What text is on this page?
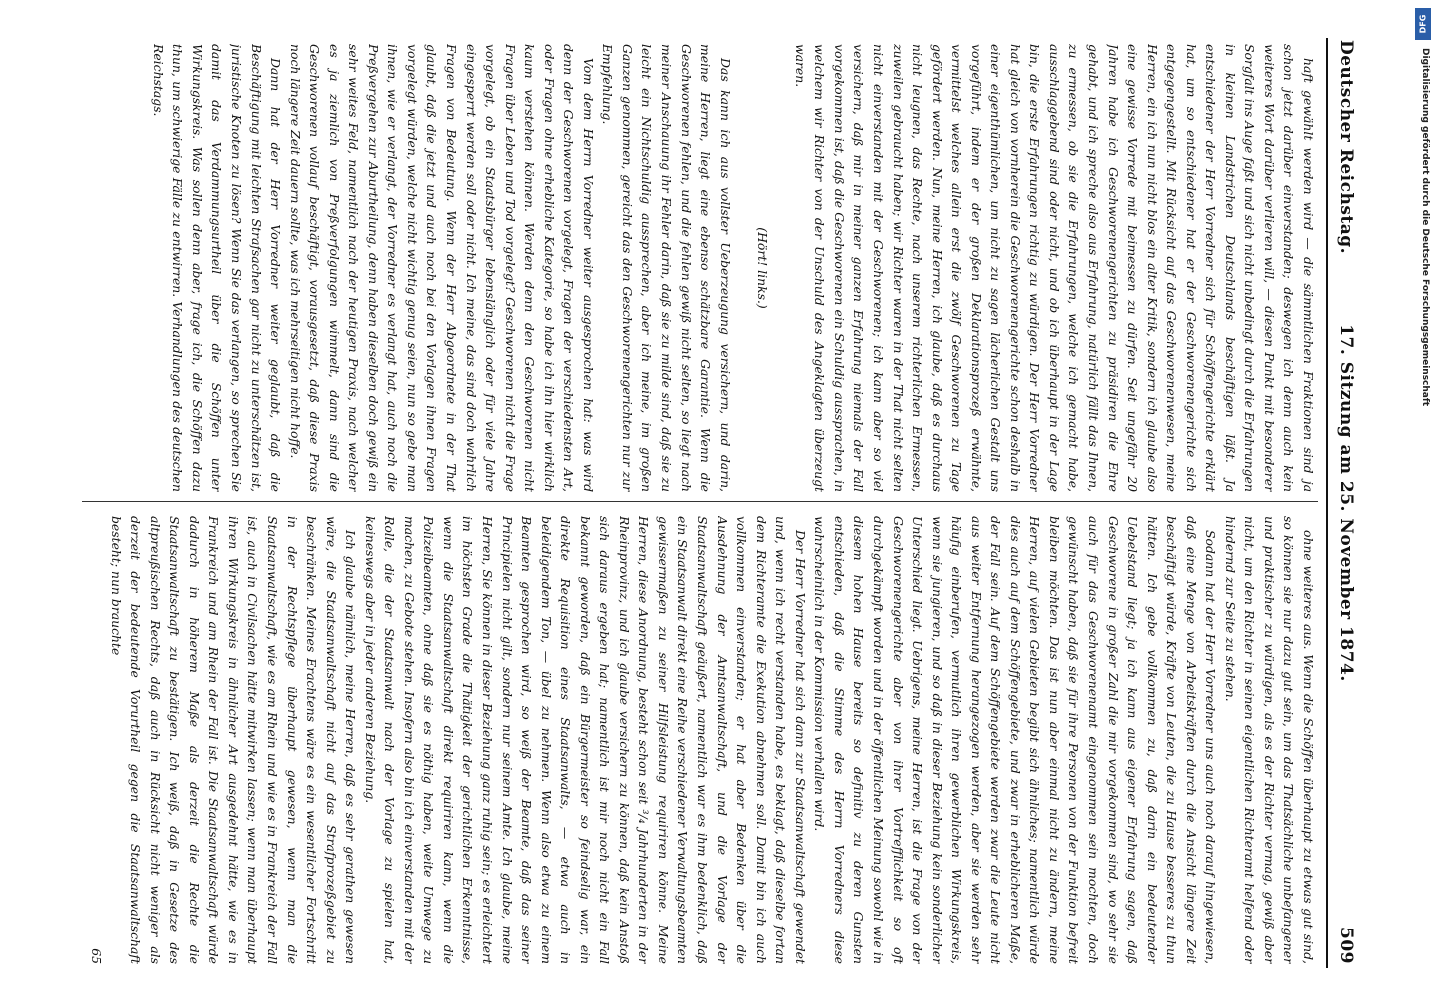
Deutscher Reichstag.
17. Sitzung am 25. November 1874.
509

haft gewählt werden wird — die sämmtlichen Fraktionen sind ja schon jetzt darüber einverstanden; deswegen ich denn auch kein weiteres Wort darüber verlieren will, — diesen Punkt mit besonderer Sorgfalt ins Auge faßt und sich nicht unbedingt durch die Erfahrungen in kleinen Landstrichen Deutschlands beschäftigen läßt. Ja entschiedener der Herr Vorredner sich für Schöffengerichte erklärt hat, um so entschiedener hat er der Geschworenengerichte sich entgegengestellt. Mit Rücksicht auf das Geschworenenwesen, meine Herren, ein ich nun nicht blos ein alter Kritik, sondern ich glaube also eine gewisse Vorrede mit beimessen zu dürfen. Seit ungefähr 20 Jahren habe ich Geschworenengerichten zu präsidiren die Ehre gehabt, und ich spreche also aus Erfahrung, natürlich fällt das Ihnen, zu ermessen, ob sie die Erfahrungen, welche ich gemacht habe, ausschlaggebend sind oder nicht, und ob ich überhaupt in der Lage bin, die erste Erfahrungen richtig zu würdigen. Der Herr Vorredner hat gleich von vornherein die Geschworenengerichte schon deshalb in einer eigenthümlichen, um nicht zu sagen lächerlichen Gestalt uns vorgeführt, indem er der großen Deklarationsprozeß erwähnte, vermittelst welches allein erst die zwölf Geschworenen zu Tage gefördert werden. Nun, meine Herren, ich glaube, daß es durchaus nicht leugnen, das Rechte, nach unserem richterlichen Ermessen, zuweilen gebraucht haben; wir Richter waren in der That nicht selten nicht einverstanden mit der Geschworenen; ich kann aber so viel versichern, daß mir in meiner ganzen Erfahrung niemals der Fall vorgekommen ist, daß die Geschworenen ein Schuldig aussprachen, in welchem wir Richter von der Unschuld des Angeklagten überzeugt waren.

(Hört! links.)

Das kann ich aus vollster Ueberzeugung versichern, und darin, meine Herren, liegt eine ebenso schätzbare Garantie. Wenn die Geschworenen fehlen, und die fehlen gewiß nicht selten, so liegt nach meiner Anschauung ihr Fehler darin, daß sie zu milde sind, daß sie zu leicht ein Nichtschuldig aussprechen, aber ich meine, im großen Ganzen genommen, gereicht das den Geschworenengerichten nur zur Empfehlung.

Vom dem Herrn Vorredner weiter ausgesprochen hat: was wird denn der Geschworenen vorgelegt, Fragen der verschiedensten Art, oder Fragen ohne erhebliche Kategorie, so habe ich ihn hier wirklich kaum verstehen können. Werden denn den Geschworenen nicht Fragen über Leben und Tod vorgelegt? Geschworenen nicht die Frage vorgelegt, ob ein Staatsbürger lebenslänglich oder für viele Jahre eingesperrt werden soll oder nicht. Ich meine, das sind doch wahrlich Fragen von Bedeutung. Wenn der Herr Abgeordnete in der That glaubt, daß die jetzt und auch noch bei den Vorlagen ihnen Fragen vorgelegt würden, welche nicht wichtig genug seien, nun so gebe man ihnen, wie er verlangt, der Vorredner es verlangt hat, auch noch die Preßvergehen zur Aburtheilung, denn haben dieselben doch gewiß ein sehr weites Feld, namentlich nach der heutigen Praxis, nach welcher es ja ziemlich von Preßverfolgungen wimmelt, dann sind die Geschworenen vollauf beschäftigt, vorausgesetzt, daß diese Praxis noch längere Zeit dauern sollte, was ich mehrseitigen nicht hoffe.

Dann hat der Herr Vorredner weiter geglaubt, daß die Beschäftigung mit leichten Strafsachen gar nicht zu unterschätzen ist, juristische Knoten zu lösen? Wenn Sie das verlangen, so sprechen Sie damit das Verdammungsurtheil über die Schöffen unter Wirkungskreis. Was sollen denn aber, frage ich, die Schöffen dazu thun, um schwierige Fälle zu entwirren. Verhandlungen des deutschen Reichstags.

ohne weiteres aus. Wenn die Schöffen überhaupt zu etwas gut sind, so können sie nur dazu gut sein, um das Thatsächliche unbefangener und praktischer zu würdigen, als es der Richter vermag, gewiß aber nicht, um den Richter in seinen eigentlichen Richteramt helfend oder hindernd zur Seite zu stehen.

Sodann hat der Herr Vorredner uns auch noch darauf hingewiesen, daß eine Menge von Arbeitskräften durch die Ansicht längere Zeit beschäftigt würde, Kräfte von Leuten, die zu Hause besseres zu thun hätten. Ich gebe vollkommen zu, daß darin ein bedeutender Uebelstand liegt; ja ich kann aus eigener Erfahrung sagen, daß Geschworene in großer Zahl die mir vorgekommen sind, wo sehr sie auch für das Geschworenenamt eingenommen sein mochten, doch gewünscht haben, daß sie für ihre Personen von der Funktion befreit bleiben möchten. Das ist nun aber einmal nicht zu ändern, meine Herren, auf vielen Gebieten begibt sich ähnliches; namentlich würde dies auch auf dem Schöffengebiete, und zwar in erheblicheren Maße, der Fall sein. Auf dem Schöffengebiete werden zwar die Leute nicht aus weiter Entfernung herangezogen werden, aber sie werden sehr häufig einberufen, vermutlich ihren gewerblichen Wirkungskreis, wenn sie jungieren, und so daß in dieser Beziehung kein sonderlicher Unterschied liegt. Uebrigens, meine Herren, ist die Frage von der Geschworenengerichte aber von ihrer Vortrefflichkeit so oft durchgekämpft worden und in der öffentlichen Meinung sowohl wie in diesem hohen Hause bereits so definitiv zu deren Gunsten entschieden, daß die Stimme des Herrn Vorredners diese wahrscheinlich in der Kommission verhallen wird.

Der Herr Vorredner hat sich dann zur Staatsanwaltschaft gewendet und, wenn ich recht verstanden habe, es beklagt, daß dieselbe fortan dem Richteramte die Exekution abnehmen soll. Damit bin ich auch vollkommen einverstanden; er hat aber Bedenken über die Ausdehnung der Amtsanwaltschaft, und die Vorlage der Staatsanwaltschaft geäußert, namentlich war es ihm bedenklich, daß ein Staatsanwalt direkt eine Reihe verschiedener Verwaltungsbeamten gewissermaßen zu seiner Hilfsleistung requiriren könne. Meine Herren, diese Anordnung, besteht schon seit ³/₄ Jahrhunderten in der Rheinprovinz, und ich glaube versichern zu können, daß kein Anstoß sich daraus ergeben hat; namentlich ist mir noch nicht ein Fall bekannt geworden, daß ein Bürgermeister so feindselig war, ein direkte Requisition eines Staatsanwalts, — etwa auch in beleidigendem Ton, — übel zu nehmen. Wenn also etwa zu einem Beamten gesprochen wird, so weiß der Beamte, daß das seiner Principielen nicht gilt, sondern nur seinem Amte. Ich glaube, meine Herren, Sie können in dieser Beziehung ganz ruhig sein; es erleichtert im höchsten Grade die Thätigkeit der gerichtlichen Erkenntnisse, wenn die Staatsanwaltschaft direkt requiriren kann, wenn die Polizeibeamten, ohne daß sie es nöthig haben, weite Umwege zu machen, zu Gebote stehen. Insofern also bin ich einverstanden mit der Rolle, die der Staatsanwalt nach der Vorlage zu spielen hat, keineswegs aber in jeder anderen Beziehung.

Ich glaube nämlich, meine Herren, daß es sehr gerathen gewesen wäre, die Staatsanwaltschaft nicht auf das Strafprozeßgebiet zu beschränken. Meines Erachtens wäre es ein wesentlicher Fortschritt in der Rechtspflege überhaupt gewesen, wenn man die Staatsanwaltschaft, wie es am Rhein und wie es in Frankreich der Fall ist, auch in Civilsachen hätte mitwirken lassen; wenn man überhaupt ihren Wirkungskreis in ähnlicher Art ausgedehnt hätte, wie es in Frankreich und am Rhein der Fall ist. Die Staatsanwaltschaft würde dadurch in höherem Maße als derzeit die Rechte die Staatsanwaltschaft zu bestätigen. Ich weiß, daß in Gesetze des altpreußischen Rechts, daß auch in Rücksicht nicht weniger als derzeit der bedeutende Vorurtheil gegen die Staatsanwaltschaft besteht; nun brauchte

65

DFG
Digitalisierung gefördert durch die Deutsche Forschungsgemeinschaft
